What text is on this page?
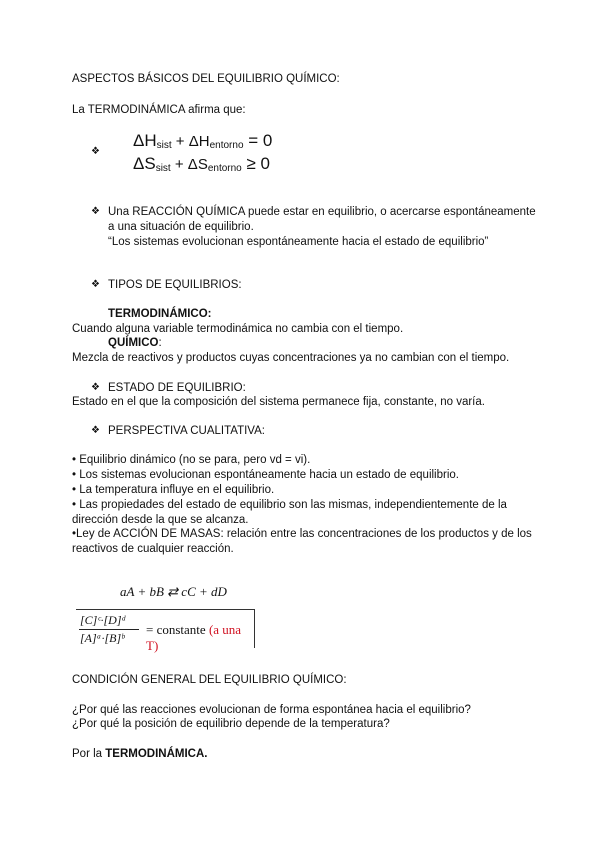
ASPECTOS BÁSICOS DEL EQUILIBRIO QUÍMICO:
La TERMODINÁMICA afirma que:
❖
ΔHsist + ΔHentorno = 0
ΔSsist + ΔSentorno ≥ 0
❖ Una REACCIÓN QUÍMICA puede estar en equilibrio, o acercarse espontáneamente
a una situación de equilibrio.
“Los sistemas evolucionan espontáneamente hacia el estado de equilibrio”
❖ TIPOS DE EQUILIBRIOS:
TERMODINÁMICO:
Cuando alguna variable termodinámica no cambia con el tiempo.
QUÍMICO:
Mezcla de reactivos y productos cuyas concentraciones ya no cambian con el tiempo.
❖ ESTADO DE EQUILIBRIO:
Estado en el que la composición del sistema permanece fija, constante, no varía.
❖ PERSPECTIVA CUALITATIVA:
• Equilibrio dinámico (no se para, pero vd = vi).
• Los sistemas evolucionan espontáneamente hacia un estado de equilibrio.
• La temperatura influye en el equilibrio.
• Las propiedades del estado de equilibrio son las mismas, independientemente de la
dirección desde la que se alcanza.
•Ley de ACCIÓN DE MASAS: relación entre las concentraciones de los productos y de los
reactivos de cualquier reacción.
aA + bB ⇄ cC + dD
[C]ᶜ·[D]ᵈ
[A]ᵃ·[B]ᵇ
= constante (a una T)
CONDICIÓN GENERAL DEL EQUILIBRIO QUÍMICO:
¿Por qué las reacciones evolucionan de forma espontánea hacia el equilibrio?
¿Por qué la posición de equilibrio depende de la temperatura?
Por la TERMODINÁMICA.
